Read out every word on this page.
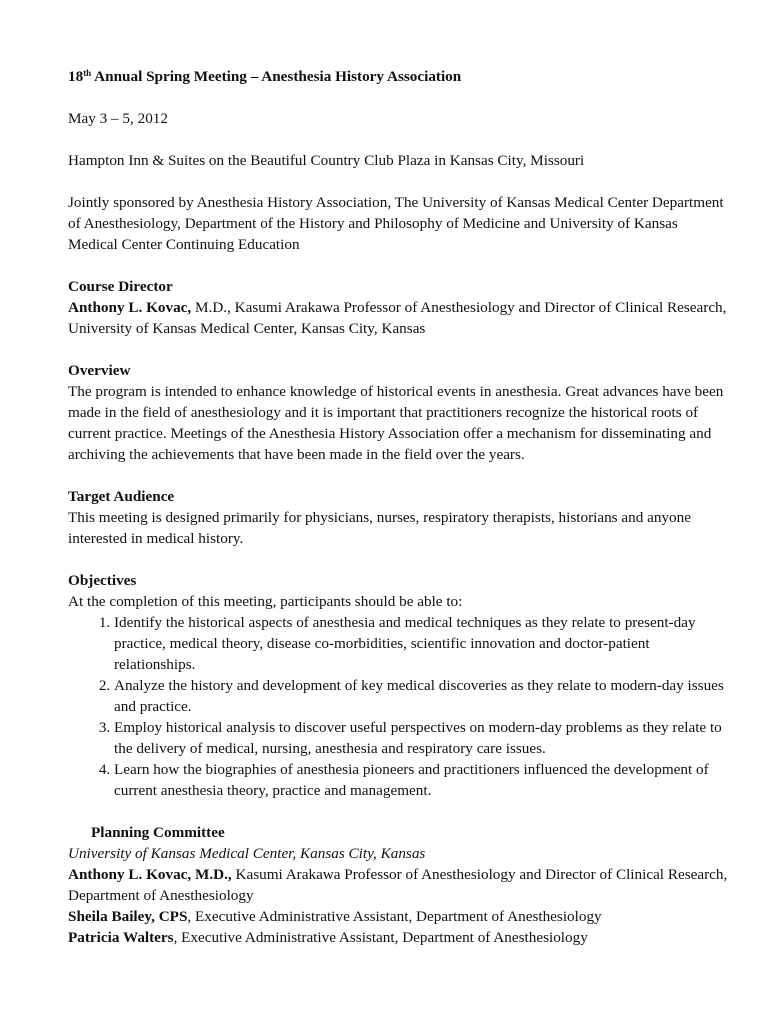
18th Annual Spring Meeting – Anesthesia History Association
May 3 – 5, 2012
Hampton Inn & Suites on the Beautiful Country Club Plaza in Kansas City, Missouri
Jointly sponsored by Anesthesia History Association, The University of Kansas Medical Center Department of Anesthesiology, Department of the History and Philosophy of Medicine and University of Kansas Medical Center Continuing Education
Course Director
Anthony L. Kovac, M.D., Kasumi Arakawa Professor of Anesthesiology and Director of Clinical Research, University of Kansas Medical Center, Kansas City, Kansas
Overview
The program is intended to enhance knowledge of historical events in anesthesia. Great advances have been made in the field of anesthesiology and it is important that practitioners recognize the historical roots of current practice. Meetings of the Anesthesia History Association offer a mechanism for disseminating and archiving the achievements that have been made in the field over the years.
Target Audience
This meeting is designed primarily for physicians, nurses, respiratory therapists, historians and anyone interested in medical history.
Objectives
At the completion of this meeting, participants should be able to:
1. Identify the historical aspects of anesthesia and medical techniques as they relate to present-day practice, medical theory, disease co-morbidities, scientific innovation and doctor-patient relationships.
2. Analyze the history and development of key medical discoveries as they relate to modern-day issues and practice.
3. Employ historical analysis to discover useful perspectives on modern-day problems as they relate to the delivery of medical, nursing, anesthesia and respiratory care issues.
4. Learn how the biographies of anesthesia pioneers and practitioners influenced the development of current anesthesia theory, practice and management.
Planning Committee
University of Kansas Medical Center, Kansas City, Kansas
Anthony L. Kovac, M.D., Kasumi Arakawa Professor of Anesthesiology and Director of Clinical Research, Department of Anesthesiology
Sheila Bailey, CPS, Executive Administrative Assistant, Department of Anesthesiology
Patricia Walters, Executive Administrative Assistant, Department of Anesthesiology
